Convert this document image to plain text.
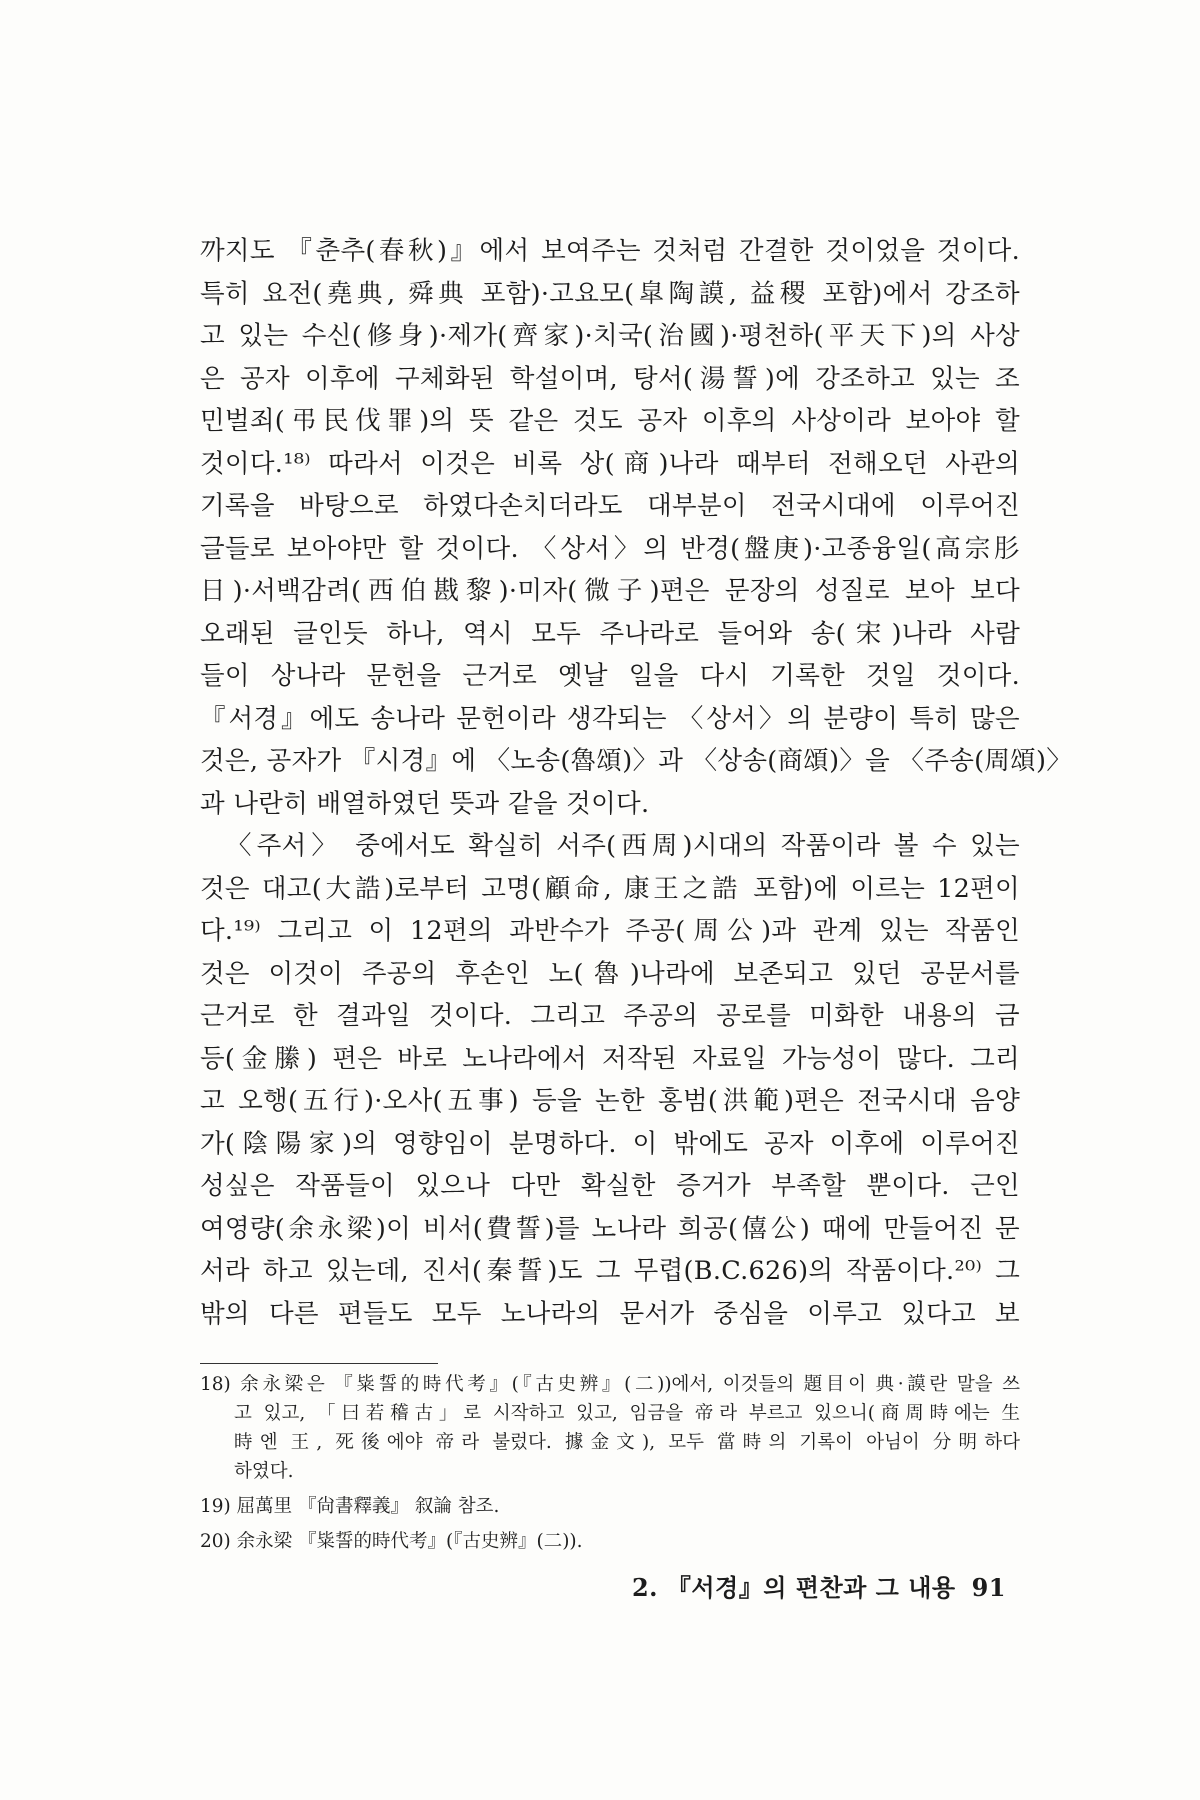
까지도 『춘추(春秋)』에서 보여주는 것처럼 간결한 것이었을 것이다.
특히 요전(堯典, 舜典 포함)·고요모(皐陶謨, 益稷 포함)에서 강조하
고 있는 수신(修身)·제가(齊家)·치국(治國)·평천하(平天下)의 사상
은 공자 이후에 구체화된 학설이며, 탕서(湯誓)에 강조하고 있는 조
민벌죄(弔民伐罪)의 뜻 같은 것도 공자 이후의 사상이라 보아야 할
것이다.¹⁸⁾ 따라서 이것은 비록 상(商)나라 때부터 전해오던 사관의
기록을 바탕으로 하였다손치더라도 대부분이 전국시대에 이루어진
글들로 보아야만 할 것이다. 〈상서〉의 반경(盤庚)·고종융일(高宗肜
日)·서백감려(西伯戡黎)·미자(微子)편은 문장의 성질로 보아 보다
오래된 글인듯 하나, 역시 모두 주나라로 들어와 송(宋)나라 사람
들이 상나라 문헌을 근거로 옛날 일을 다시 기록한 것일 것이다.
『서경』에도 송나라 문헌이라 생각되는 〈상서〉의 분량이 특히 많은
것은, 공자가 『시경』에 〈노송(魯頌)〉과 〈상송(商頌)〉을 〈주송(周頌)〉
과 나란히 배열하였던 뜻과 같을 것이다.
〈주서〉 중에서도 확실히 서주(西周)시대의 작품이라 볼 수 있는
것은 대고(大誥)로부터 고명(顧命, 康王之誥 포함)에 이르는 12편이
다.¹⁹⁾ 그리고 이 12편의 과반수가 주공(周公)과 관계 있는 작품인
것은 이것이 주공의 후손인 노(魯)나라에 보존되고 있던 공문서를
근거로 한 결과일 것이다. 그리고 주공의 공로를 미화한 내용의 금
등(金縢) 편은 바로 노나라에서 저작된 자료일 가능성이 많다. 그리
고 오행(五行)·오사(五事) 등을 논한 홍범(洪範)편은 전국시대 음양
가(陰陽家)의 영향임이 분명하다. 이 밖에도 공자 이후에 이루어진
성싶은 작품들이 있으나 다만 확실한 증거가 부족할 뿐이다. 근인
여영량(余永梁)이 비서(費誓)를 노나라 희공(僖公) 때에 만들어진 문
서라 하고 있는데, 진서(秦誓)도 그 무렵(B.C.626)의 작품이다.²⁰⁾ 그
밖의 다른 편들도 모두 노나라의 문서가 중심을 이루고 있다고 보
18) 余永梁은 『粊誓的時代考』(『古史辨』(二))에서, 이것들의 題目이 典·謨란 말을 쓰
고 있고, 「曰若稽古」로 시작하고 있고, 임금을 帝라 부르고 있으니(商周時에는 生
時엔 王, 死後에야 帝라 불렀다. 據金文), 모두 當時의 기록이 아님이 分明하다
하였다.
19) 屈萬里 『尙書釋義』 叙論 참조.
20) 余永梁 『粊誓的時代考』(『古史辨』(二)).
2. 『서경』의 편찬과 그 내용 91
